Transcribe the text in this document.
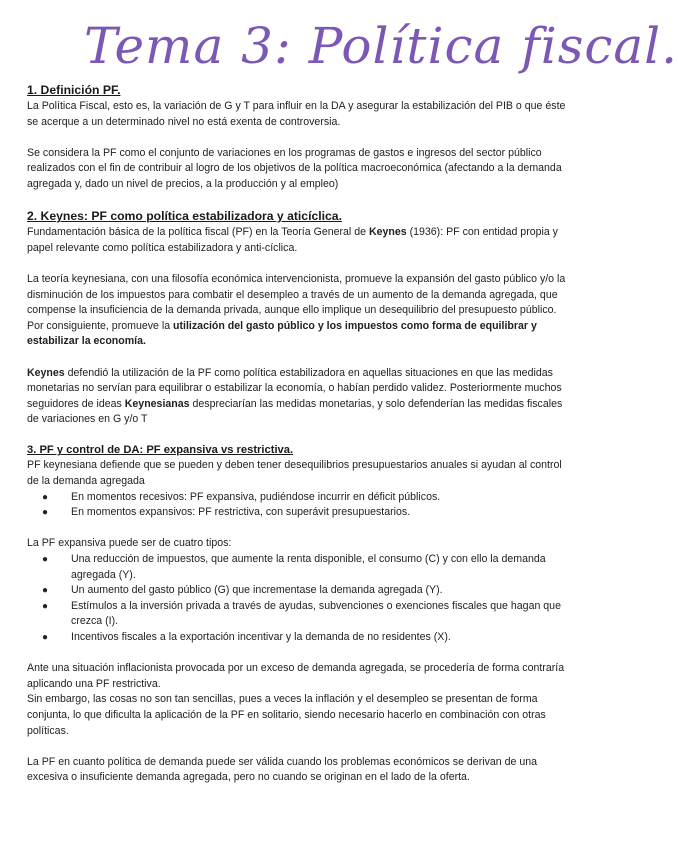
Tema 3: Política fiscal.
1. Definición PF.

La Política Fiscal, esto es, la variación de G y T para influir en la DA y asegurar la estabilización del PIB o que éste se acerque a un determinado nivel no está exenta de controversia.

Se considera la PF como el conjunto de variaciones en los programas de gastos e ingresos del sector público realizados con el fin de contribuir al logro de los objetivos de la política macroeconómica (afectando a la demanda agregada y, dado un nivel de precios, a la producción y al empleo)

2. Keynes: PF como política estabilizadora y aticíclica.

Fundamentación básica de la política fiscal (PF) en la Teoría General de Keynes (1936): PF con entidad propia y papel relevante como política estabilizadora y anti-cíclica.

La teoría keynesiana, con una filosofía económica intervencionista, promueve la expansión del gasto público y/o la disminución de los impuestos para combatir el desempleo a través de un aumento de la demanda agregada, que compense la insuficiencia de la demanda privada, aunque ello implique un desequilibrio del presupuesto público.

Por consiguiente, promueve la utilización del gasto público y los impuestos como forma de equilibrar y estabilizar la economía.

Keynes defendió la utilización de la PF como política estabilizadora en aquellas situaciones en que las medidas monetarias no servían para equilibrar o estabilizar la economía, o habían perdido validez. Posteriormente muchos seguidores de ideas Keynesianas despreciarían las medidas monetarias, y solo defenderían las medidas fiscales de variaciones en G y/o T

3. PF y control de DA: PF expansiva vs restrictiva.

PF keynesiana defiende que se pueden y deben tener desequilibrios presupuestarios anuales si ayudan al control de la demanda agregada

● En momentos recesivos: PF expansiva, pudiéndose incurrir en déficit públicos.
● En momentos expansivos: PF restrictiva, con superávit presupuestarios.

La PF expansiva puede ser de cuatro tipos:

● Una reducción de impuestos, que aumente la renta disponible, el consumo (C) y con ello la demanda agregada (Y).
● Un aumento del gasto público (G) que incrementase la demanda agregada (Y).
● Estímulos a la inversión privada a través de ayudas, subvenciones o exenciones fiscales que hagan que crezca (I).
● Incentivos fiscales a la exportación incentivar y la demanda de no residentes (X).

Ante una situación inflacionista provocada por un exceso de demanda agregada, se procedería de forma contraría aplicando una PF restrictiva.

Sin embargo, las cosas no son tan sencillas, pues a veces la inflación y el desempleo se presentan de forma conjunta, lo que dificulta la aplicación de la PF en solitario, siendo necesario hacerlo en combinación con otras políticas.

La PF en cuanto política de demanda puede ser válida cuando los problemas económicos se derivan de una excesiva o insuficiente demanda agregada, pero no cuando se originan en el lado de la oferta.
